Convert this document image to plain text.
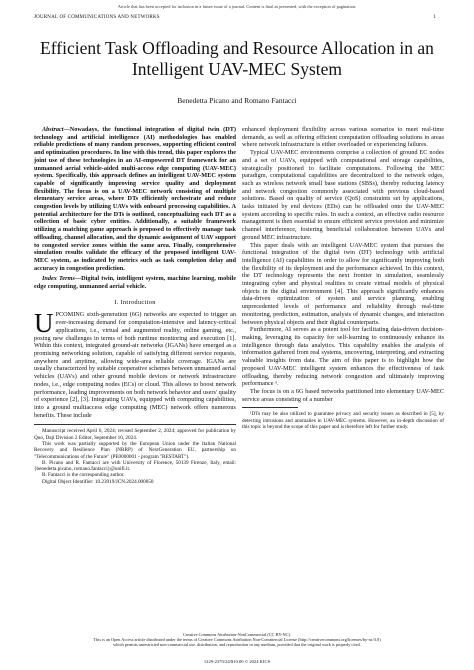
Article that has been accepted for inclusion in a future issue of a journal. Content is final as presented, with the exception of pagination.
JOURNAL OF COMMUNICATIONS AND NETWORKS	1
Efficient Task Offloading and Resource Allocation in an Intelligent UAV-MEC System
Benedetta Picano and Romano Fantacci

Abstract—Nowadays, the functional integration of digital twin (DT) technology and artificial intelligence (AI) methodologies has enabled reliable predictions of many random processes, supporting efficient control and optimization procedures. In line with this trend, this paper explores the joint use of these technologies in an AI-empowered DT framework for an unmanned aerial vehicle-aided multi-access edge computing (UAV-MEC) system. Specifically, this approach defines an intelligent UAV-MEC system capable of significantly improving service quality and deployment flexibility. The focus is on a UAV-MEC network consisting of multiple elementary service areas, where DTs efficiently orchestrate and reduce congestion levels by utilizing UAVs with onboard processing capabilities. A potential architecture for the DTs is outlined, conceptualizing each DT as a collection of basic cyber entities. Additionally, a suitable framework utilizing a matching game approach is proposed to effectively manage task offloading, channel allocation, and the dynamic assignment of UAV support to congested service zones within the same area. Finally, comprehensive simulation results validate the efficacy of the proposed intelligent UAV-MEC system, as indicated by metrics such as task completion delay and accuracy in congestion prediction.

Index Terms—Digital twin, intelligent system, machine learning, mobile edge computing, unmanned aerial vehicle.

I. Introduction

UPCOMING sixth-generation (6G) networks are expected to trigger an ever-increasing demand for computation-intensive and latency-critical applications, i.e., virtual and augmented reality, online gaming, etc., posing new challenges in terms of both runtime monitoring and execution [1]. Within this context, integrated ground-air networks (IGANs) have emerged as a promising networking solution, capable of satisfying different service requests, anywhere and anytime, allowing wide-area reliable coverage. IGANs are usually characterized by suitable cooperative schemes between unmanned aerial vehicles (UAVs) and other ground mobile devices or network infrastructure nodes, i.e., edge computing nodes (ECs) or cloud. This allows to boost network performance, leading improvements on both network behavior and users' quality of experience [2], [3]. Integrating UAVs, equipped with computing capabilities, into a ground multiaccess edge computing (MEC) network offers numerous benefits. These include

Manuscript received April 6, 2024; revised September 2, 2024; approved for publication by Quo, Daji Division 2 Editor, September 10, 2024.

This work was partially supported by the European Union under the Italian National Recovery and Resilience Plan (NRRP) of NextGeneration EU, partnership on "Telecommunications of the Future" (PE0000001 - program "RESTART").

B. Picano and R. Fantacci are with University of Florence, 50139 Firenze, Italy, email: {benedetta.picano, romano.fantacci}@unifi.it.

R. Fantacci is the corresponding author.

Digital Object Identifier: 10.23919/JCN.2024.000050

enhanced deployment flexibility across various scenarios to meet real-time demands, as well as offering efficient computation offloading solutions in areas where network infrastructure is either overloaded or experiencing failures.

Typical UAV-MEC environments comprise a collection of ground EC nodes and a set of UAVs, equipped with computational and storage capabilities, strategically positioned to facilitate computations. Following the MEC paradigm, computational capabilities are decentralized to the network edges, such as wireless network small base stations (SBSs), thereby reducing latency and network congestion commonly associated with previous cloud-based solutions. Based on quality of service (QoS) constraints set by applications, tasks initiated by end devices (EDs) can be offloaded onto the UAV-MEC system according to specific rules. In such a context, an effective radio resource management is then essential to ensure efficient service provision and minimize channel interference, fostering beneficial collaboration between UAVs and ground MEC infrastructure.

This paper deals with an intelligent UAV-MEC system that pursues the functional integration of the digital twin (DT) technology with artificial intelligence (AI) capabilities in order to allow for significantly improving both the flexibility of its deployment and the performance achieved. In this context, the DT technology represents the next frontier in simulation, seamlessly integrating cyber and physical realities to create virtual models of physical objects in the digital environment [4]. This approach significantly enhances data-driven optimization of system and service planning, enabling unprecedented levels of performance and reliability through real-time monitoring, prediction, estimation, analysis of dynamic changes, and interaction between physical objects and their digital counterparts.

Furthermore, AI serves as a potent tool for facilitating data-driven decision-making, leveraging its capacity for self-learning to continuously enhance its intelligence through data analytics. This capability enables the analysis of information gathered from real systems, uncovering, interpreting, and extracting valuable insights from data. The aim of this paper is to highlight how the proposed UAV-MEC intelligent system enhances the effectiveness of task offloading, thereby reducing network congestion and ultimately improving performance ¹.

The focus is on a 6G based networks partitioned into elementary UAV-MEC service areas consisting of a number

¹DTs may be also utilized to guarantee privacy and security issues as described in [5], by detecting intrusions and anomalies in UAV-MEC systems. However, an in-depth discussion of this topic is beyond the scope of this paper and is therefore left for further study.

Creative Commons Attribution-NonCommercial (CC BY-NC).
This is an Open Access article distributed under the terms of Creative Commons Attribution Non-Commercial License (http://creativecommons.org/licenses/by-nc/3.0)
which permits unrestricted non-commercial use, distribution, and reproduction in any medium, provided that the original work is properly cited.
1229-2370/24/$10.00 © 2024 KICS
